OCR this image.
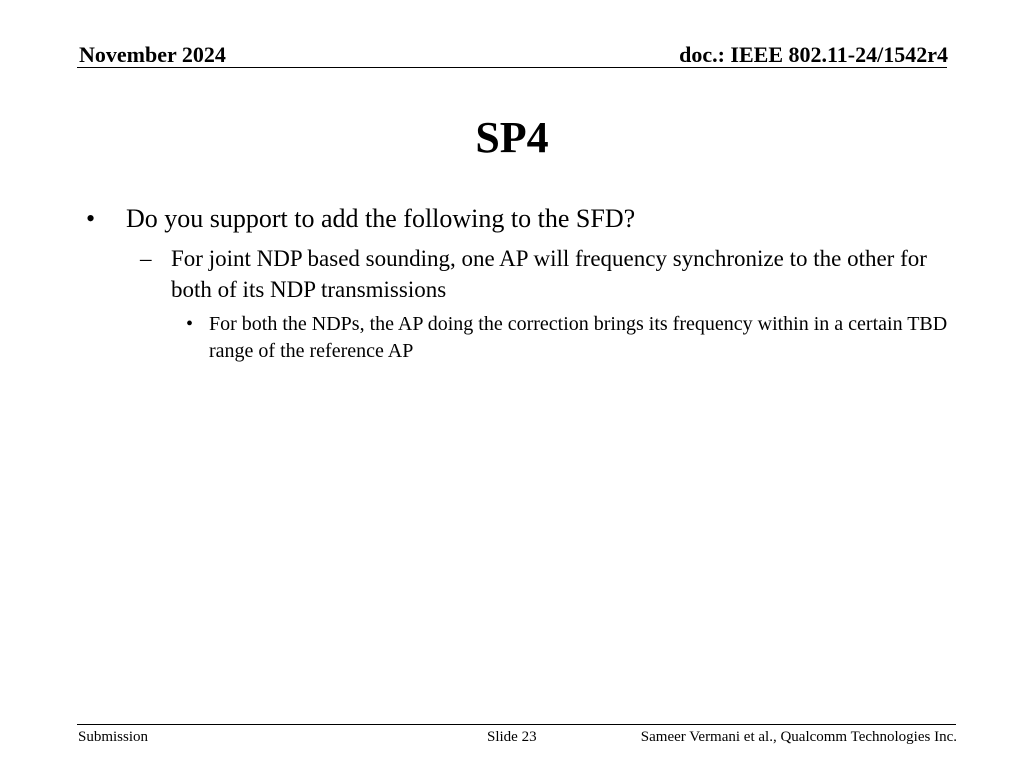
November 2024	doc.: IEEE 802.11-24/1542r4
SP4
• Do you support to add the following to the SFD?
– For joint NDP based sounding, one AP will frequency synchronize to the other for both of its NDP transmissions
• For both the NDPs, the AP doing the correction brings its frequency within in a certain TBD range of the reference AP
Submission	Slide 23	Sameer Vermani et al., Qualcomm Technologies Inc.
